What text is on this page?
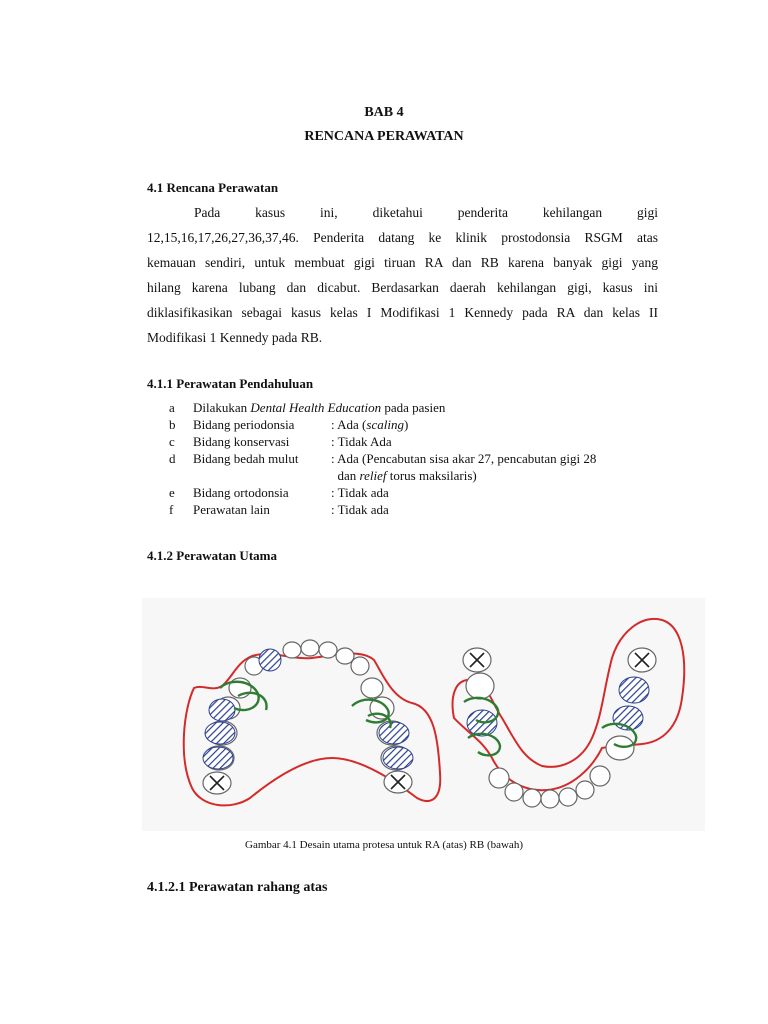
BAB 4
RENCANA PERAWATAN
4.1 Rencana Perawatan
Pada kasus ini, diketahui penderita kehilangan gigi
12,15,16,17,26,27,36,37,46. Penderita datang ke klinik prostodonsia RSGM atas
kemauan sendiri, untuk membuat gigi tiruan RA dan RB karena banyak gigi yang
hilang karena lubang dan dicabut. Berdasarkan daerah kehilangan gigi, kasus ini
diklasifikasikan sebagai kasus kelas I Modifikasi 1 Kennedy pada RA dan kelas II
Modifikasi 1 Kennedy pada RB.
4.1.1 Perawatan Pendahuluan
a Dilakukan Dental Health Education pada pasien
b Bidang periodonsia	: Ada (scaling)
c Bidang konservasi	: Tidak Ada
d Bidang bedah mulut	: Ada (Pencabutan sisa akar 27, pencabutan gigi 28
dan relief torus maksilaris)
e Bidang ortodonsia	: Tidak ada
f Perawatan lain	: Tidak ada
4.1.2 Perawatan Utama
Gambar 4.1 Desain utama protesa untuk RA (atas) RB (bawah)
4.1.2.1 Perawatan rahang atas
